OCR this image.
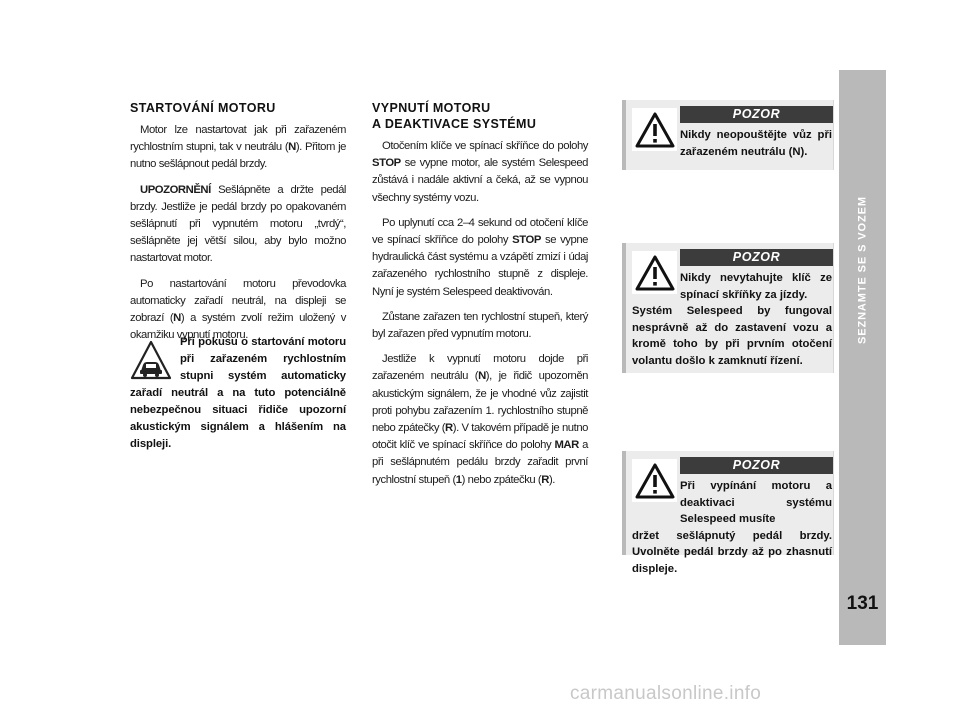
STARTOVÁNÍ MOTORU

Motor lze nastartovat jak při zařazeném rychlostním stupni, tak v neutrálu (N). Přitom je nutno sešlápnout pedál brzdy.

UPOZORNĚNÍ Sešlápněte a držte pedál brzdy. Jestliže je pedál brzdy po opakovaném sešlápnutí při vypnutém motoru „tvrdý“, sešlápněte jej větší silou, aby bylo možno nastartovat motor.

Po nastartování motoru převodovka automaticky zařadí neutrál, na displeji se zobrazí (N) a systém zvolí režim uložený v okamžiku vypnutí motoru.

Při pokusu o startování motoru při zařazeném rychlostním stupni systém automaticky zařadí neutrál a na tuto potenciálně nebezpečnou situaci řidiče upozorní akustickým signálem a hlášením na displeji.
VYPNUTÍ MOTORU
A DEAKTIVACE SYSTÉMU

Otočením klíče ve spínací skříňce do polohy STOP se vypne motor, ale systém Selespeed zůstává i nadále aktivní a čeká, až se vypnou všechny systémy vozu.

Po uplynutí cca 2–4 sekund od otočení klíče ve spínací skříňce do polohy STOP se vypne hydraulická část systému a vzápětí zmizí i údaj zařazeného rychlostního stupně z displeje. Nyní je systém Selespeed deaktivován.

Zůstane zařazen ten rychlostní stupeň, který byl zařazen před vypnutím motoru.

Jestliže k vypnutí motoru dojde při zařazeném neutrálu (N), je řidič upozorněn akustickým signálem, že je vhodné vůz zajistit proti pohybu zařazením 1. rychlostního stupně nebo zpátečky (R). V takovém případě je nutno otočit klíč ve spínací skříňce do polohy MAR a při sešlápnutém pedálu brzdy zařadit první rychlostní stupeň (1) nebo zpátečku (R).

POZOR
Nikdy neopouštějte vůz při zařazeném neutrálu (N).
POZOR
Nikdy nevytahujte klíč ze spínací skříňky za jízdy.
Systém Selespeed by fungoval nesprávně až do zastavení vozu a kromě toho by při prvním otočení volantu došlo k zamknutí řízení.
POZOR
Při vypínání motoru a deaktivaci systému Selespeed musíte
držet sešlápnutý pedál brzdy. Uvolněte pedál brzdy až po zhasnutí displeje.
SEZNAMTE SE S VOZEM
131
carmanualsonline.info
